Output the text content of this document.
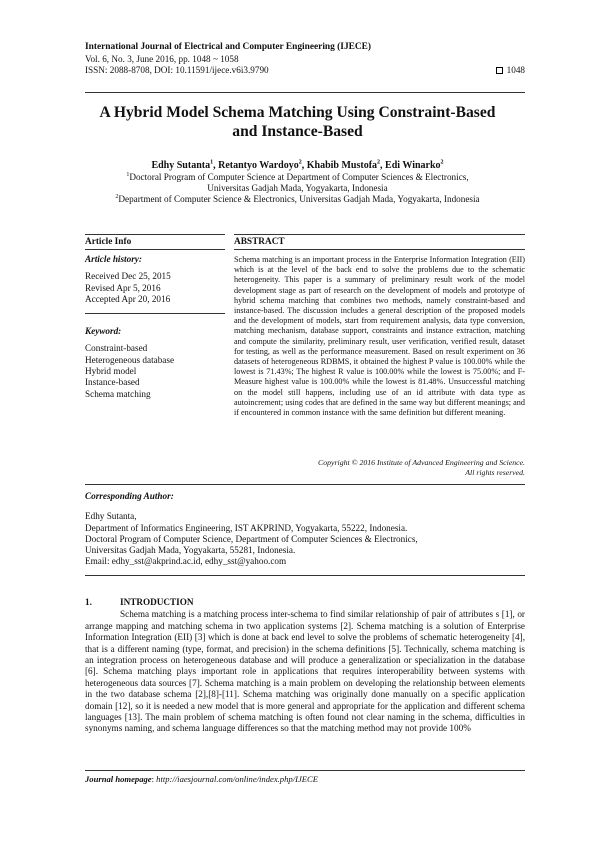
International Journal of Electrical and Computer Engineering (IJECE)
Vol. 6, No. 3, June 2016, pp. 1048 ~ 1058
ISSN: 2088-8708, DOI: 10.11591/ijece.v6i3.9790	1048
A Hybrid Model Schema Matching Using Constraint-Based
and Instance-Based
Edhy Sutanta$^1$, Retantyo Wardoyo$^2$, Khabib Mustofa$^2$, Edi Winarko$^2$
$^1$Doctoral Program of Computer Science at Department of Computer Sciences & Electronics,
Universitas Gadjah Mada, Yogyakarta, Indonesia
$^2$Department of Computer Science & Electronics, Universitas Gadjah Mada, Yogyakarta, Indonesia
Article Info	ABSTRACT
Article history:
Received Dec 25, 2015
Revised Apr 5, 2016
Accepted Apr 20, 2016
Keyword:
Constraint-based
Heterogeneous database
Hybrid model
Instance-based
Schema matching
Schema matching is an important process in the Enterprise Information Integration (EII) which is at the level of the back end to solve the problems due to the schematic heterogeneity. This paper is a summary of preliminary result work of the model development stage as part of research on the development of models and prototype of hybrid schema matching that combines two methods, namely constraint-based and instance-based. The discussion includes a general description of the proposed models and the development of models, start from requirement analysis, data type conversion, matching mechanism, database support, constraints and instance extraction, matching and compute the similarity, preliminary result, user verification, verified result, dataset for testing, as well as the performance measurement. Based on result experiment on 36 datasets of heterogeneous RDBMS, it obtained the highest P value is 100.00% while the lowest is 71.43%; The highest R value is 100.00% while the lowest is 75.00%; and F-Measure highest value is 100.00% while the lowest is 81.48%. Unsuccessful matching on the model still happens, including use of an id attribute with data type as autoincrement; using codes that are defined in the same way but different meanings; and if encountered in common instance with the same definition but different meaning.
Copyright © 2016 Institute of Advanced Engineering and Science.
All rights reserved.
Corresponding Author:
Edhy Sutanta,
Department of Informatics Engineering, IST AKPRIND, Yogyakarta, 55222, Indonesia.
Doctoral Program of Computer Science, Department of Computer Sciences & Electronics,
Universitas Gadjah Mada, Yogyakarta, 55281, Indonesia.
Email: edhy_sst@akprind.ac.id, edhy_sst@yahoo.com
1.	INTRODUCTION

Schema matching is a matching process inter-schema to find similar relationship of pair of attributes s [1], or arrange mapping and matching schema in two application systems [2]. Schema matching is a solution of Enterprise Information Integration (EII) [3] which is done at back end level to solve the problems of schematic heterogeneity [4], that is a different naming (type, format, and precision) in the schema definitions [5]. Technically, schema matching is an integration process on heterogeneous database and will produce a generalization or specialization in the database [6]. Schema matching plays important role in applications that requires interoperability between systems with heterogeneous data sources [7]. Schema matching is a main problem on developing the relationship between elements in the two database schema [2],[8]-[11]. Schema matching was originally done manually on a specific application domain [12], so it is needed a new model that is more general and appropriate for the application and different schema languages [13]. The main problem of schema matching is often found not clear naming in the schema, difficulties in synonyms naming, and schema language differences so that the matching method may not provide 100%

Journal homepage: http://iaesjournal.com/online/index.php/IJECE
